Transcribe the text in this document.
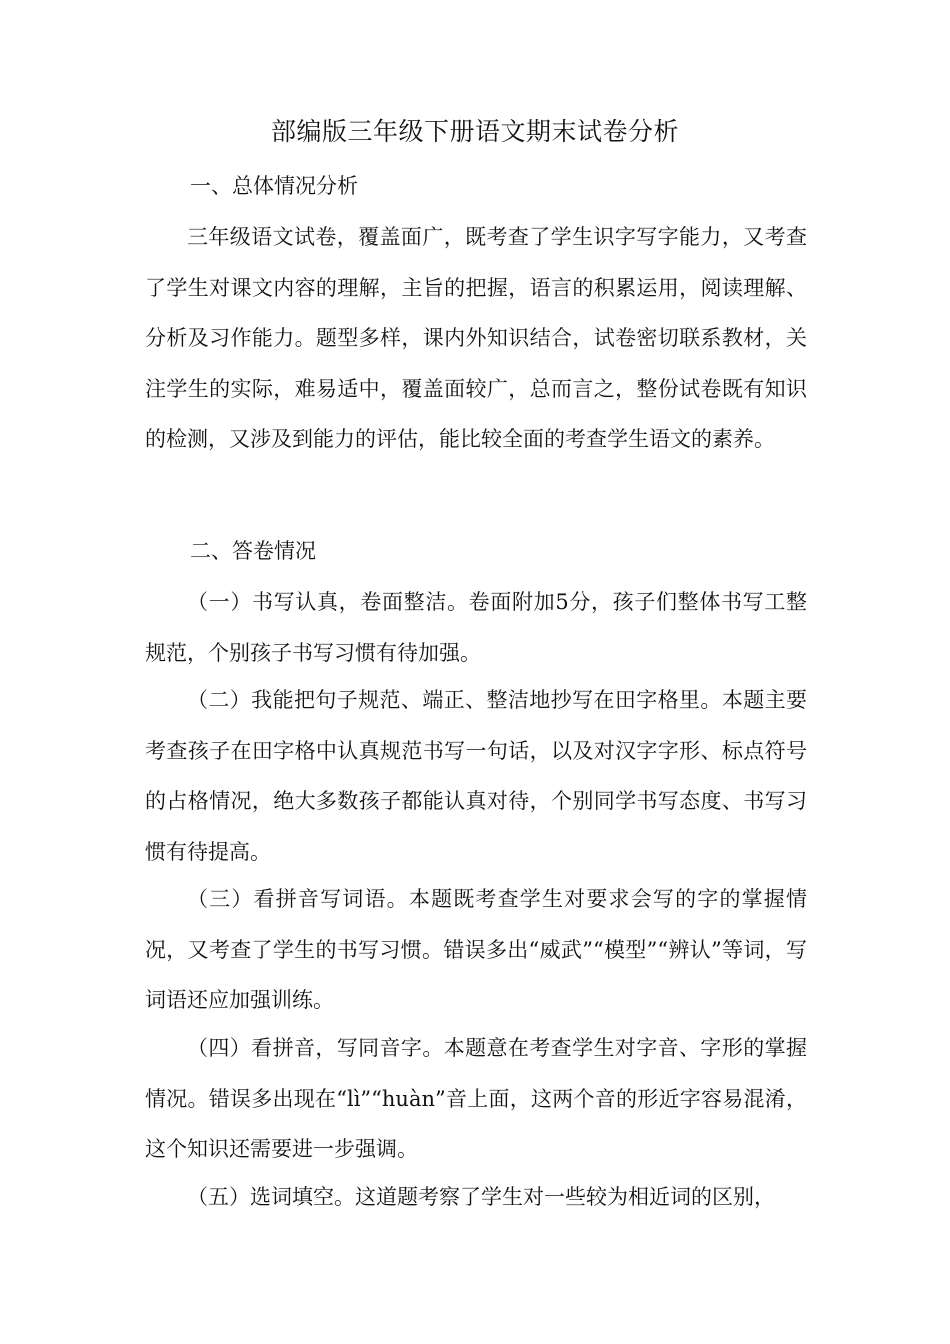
部编版三年级下册语文期末试卷分析
一、总体情况分析

三年级语文试卷，覆盖面广，既考查了学生识字写字能力，又考查了学生对课文内容的理解，主旨的把握，语言的积累运用，阅读理解、分析及习作能力。题型多样，课内外知识结合，试卷密切联系教材，关注学生的实际，难易适中，覆盖面较广，总而言之，整份试卷既有知识的检测，又涉及到能力的评估，能比较全面的考查学生语文的素养。

二、答卷情况

（一）书写认真，卷面整洁。卷面附加5分，孩子们整体书写工整规范，个别孩子书写习惯有待加强。

（二）我能把句子规范、端正、整洁地抄写在田字格里。本题主要考查孩子在田字格中认真规范书写一句话，以及对汉字字形、标点符号的占格情况，绝大多数孩子都能认真对待，个别同学书写态度、书写习惯有待提高。

（三）看拼音写词语。本题既考查学生对要求会写的字的掌握情况，又考查了学生的书写习惯。错误多出“威武”“模型”“辨认”等词，写词语还应加强训练。

（四）看拼音，写同音字。本题意在考查学生对字音、字形的掌握情况。错误多出现在“lì”“huàn”音上面，这两个音的形近字容易混淆，这个知识还需要进一步强调。

（五）选词填空。这道题考察了学生对一些较为相近词的区别，
